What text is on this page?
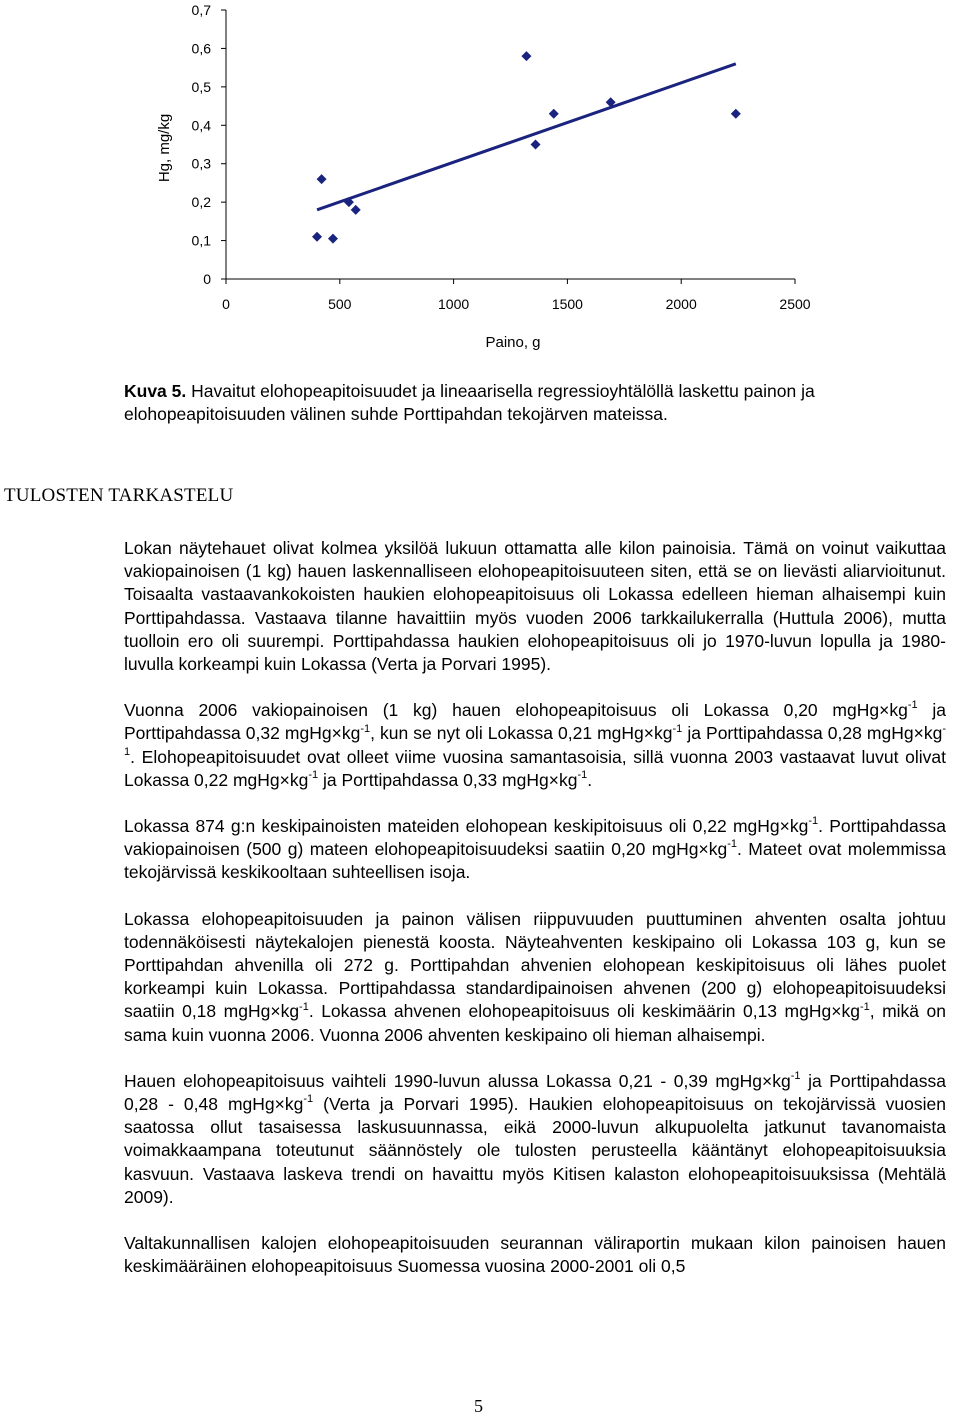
0
0,1
0,2
0,3
0,4
0,5
0,6
0,7
0	500	1000	1500	2000	2500
Hg, mg/kg
Paino, g
Kuva 5. Havaitut elohopeapitoisuudet ja lineaarisella regressioyhtälöllä laskettu painon ja elohopeapitoisuuden välinen suhde Porttipahdan tekojärven mateissa.
TULOSTEN TARKASTELU

Lokan näytehauet olivat kolmea yksilöä lukuun ottamatta alle kilon painoisia. Tämä on voinut vaikuttaa vakiopainoisen (1 kg) hauen laskennalliseen elohopeapitoisuuteen siten, että se on lievästi aliarvioitunut. Toisaalta vastaavankokoisten haukien elohopeapitoisuus oli Lokassa edelleen hieman alhaisempi kuin Porttipahdassa. Vastaava tilanne havaittiin myös vuoden 2006 tarkkailukerralla (Huttula 2006), mutta tuolloin ero oli suurempi. Porttipahdassa haukien elohopeapitoisuus oli jo 1970-luvun lopulla ja 1980-luvulla korkeampi kuin Lokassa (Verta ja Porvari 1995).

Vuonna 2006 vakiopainoisen (1 kg) hauen elohopeapitoisuus oli Lokassa 0,20 $mgHg\times kg^{-1}$ ja Porttipahdassa 0,32 $mgHg\times kg^{-1}$, kun se nyt oli Lokassa 0,21 $mgHg\times kg^{-1}$ ja Porttipahdassa 0,28 $mgHg\times kg^{-1}$. Elohopeapitoisuudet ovat olleet viime vuosina samantasoisia, sillä vuonna 2003 vastaavat luvut olivat Lokassa 0,22 $mgHg\times kg^{-1}$ ja Porttipahdassa 0,33 $mgHg\times kg^{-1}$.

Lokassa 874 g:n keskipainoisten mateiden elohopean keskipitoisuus oli 0,22 $mgHg\times kg^{-1}$. Porttipahdassa vakiopainoisen (500 g) mateen elohopeapitoisuudeksi saatiin 0,20 $mgHg\times kg^{-1}$. Mateet ovat molemmissa tekojärvissä keskikooltaan suhteellisen isoja.

Lokassa elohopeapitoisuuden ja painon välisen riippuvuuden puuttuminen ahventen osalta johtuu todennäköisesti näytekalojen pienestä koosta. Näyteahventen keskipaino oli Lokassa 103 g, kun se Porttipahdan ahvenilla oli 272 g. Porttipahdan ahvenien elohopean keskipitoisuus oli lähes puolet korkeampi kuin Lokassa. Porttipahdassa standardipainoisen ahvenen (200 g) elohopeapitoisuudeksi saatiin 0,18 $mgHg\times kg^{-1}$. Lokassa ahvenen elohopeapitoisuus oli keskimäärin 0,13 $mgHg\times kg^{-1}$, mikä on sama kuin vuonna 2006. Vuonna 2006 ahventen keskipaino oli hieman alhaisempi.

Hauen elohopeapitoisuus vaihteli 1990-luvun alussa Lokassa 0,21 - 0,39 $mgHg\times kg^{-1}$ ja Porttipahdassa 0,28 - 0,48 $mgHg\times kg^{-1}$ (Verta ja Porvari 1995). Haukien elohopeapitoisuus on tekojärvissä vuosien saatossa ollut tasaisessa laskusuunnassa, eikä 2000-luvun alkupuolelta jatkunut tavanomaista voimakkaampana toteutunut säännöstely ole tulosten perusteella kääntänyt elohopeapitoisuuksia kasvuun. Vastaava laskeva trendi on havaittu myös Kitisen kalaston elohopeapitoisuuksissa (Mehtälä 2009).

Valtakunnallisen kalojen elohopeapitoisuuden seurannan väliraportin mukaan kilon painoisen hauen keskimääräinen elohopeapitoisuus Suomessa vuosina 2000-2001 oli 0,5

5
